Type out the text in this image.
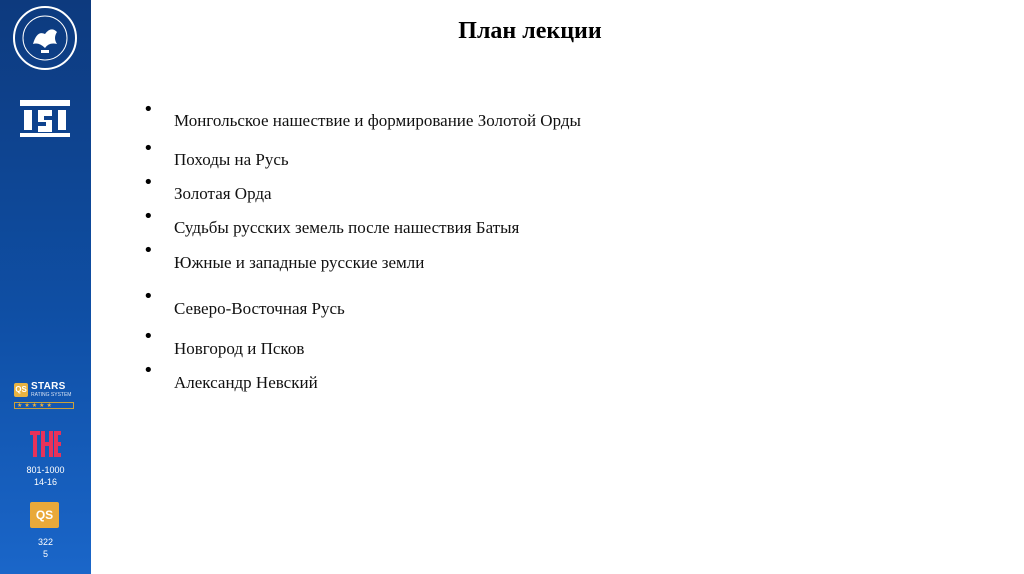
QS STARS
RATING SYSTEM
★★★★★
801-1000
14-16
QS
322
5
План лекции
•
Монгольское нашествие и формирование Золотой Орды
•
Походы на Русь
•
Золотая Орда
•
Судьбы русских земель после нашествия Батыя
•
Южные и западные русские земли
•
Северо-Восточная Русь
•
Новгород и Псков
•
Александр Невский
